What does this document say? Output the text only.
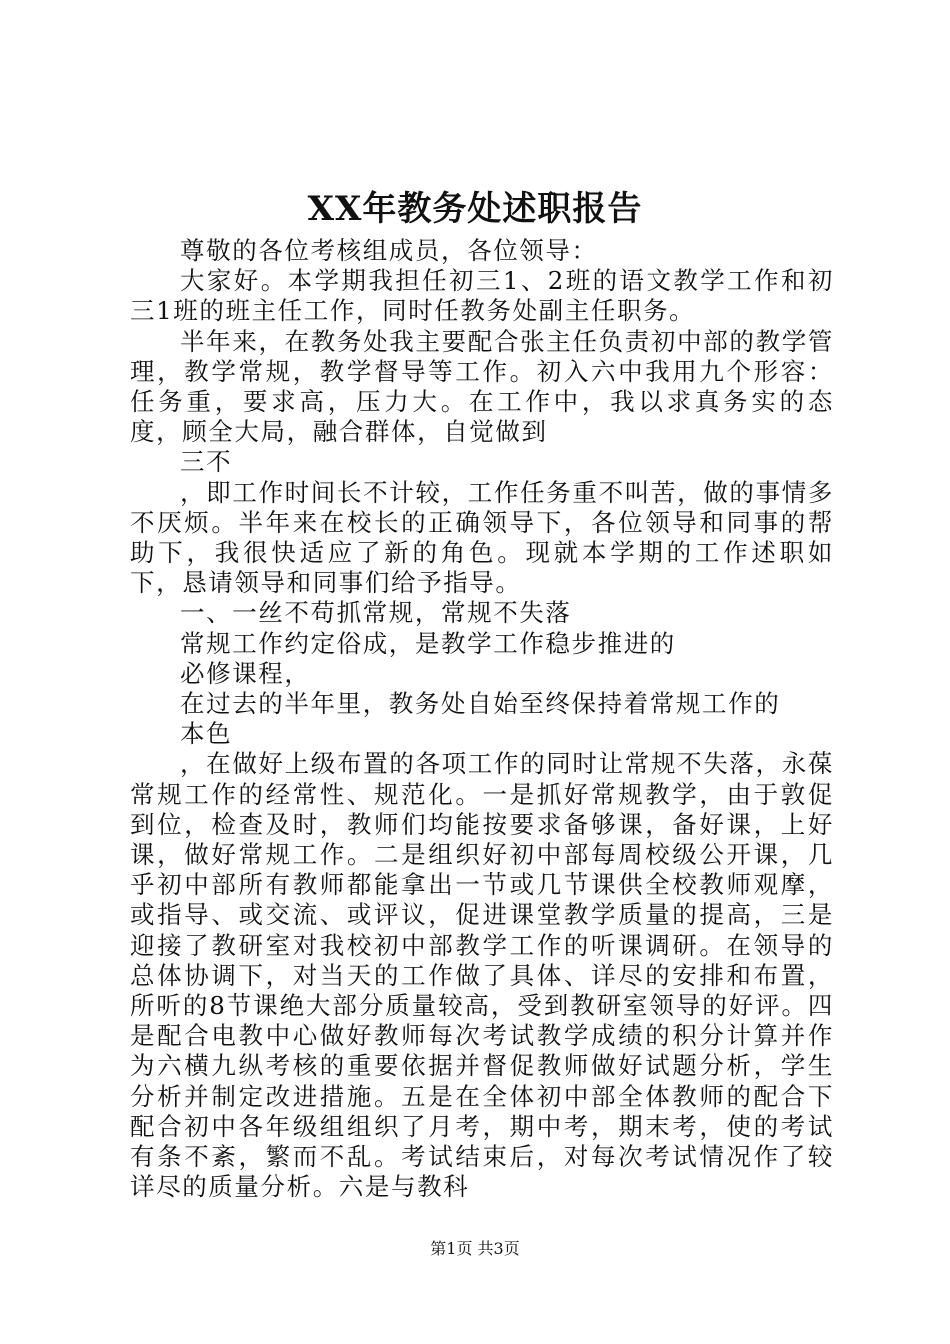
XX年教务处述职报告

尊敬的各位考核组成员，各位领导：

大家好。本学期我担任初三1、2班的语文教学工作和初三1班的班主任工作，同时任教务处副主任职务。

半年来，在教务处我主要配合张主任负责初中部的教学管理，教学常规，教学督导等工作。初入六中我用九个形容：任务重，要求高，压力大。在工作中，我以求真务实的态度，顾全大局，融合群体，自觉做到

三不

，即工作时间长不计较，工作任务重不叫苦，做的事情多不厌烦。半年来在校长的正确领导下，各位领导和同事的帮助下，我很快适应了新的角色。现就本学期的工作述职如下，恳请领导和同事们给予指导。

一、一丝不苟抓常规，常规不失落

常规工作约定俗成，是教学工作稳步推进的

必修课程，

在过去的半年里，教务处自始至终保持着常规工作的

本色

，在做好上级布置的各项工作的同时让常规不失落，永葆常规工作的经常性、规范化。一是抓好常规教学，由于敦促到位，检查及时，教师们均能按要求备够课，备好课，上好课，做好常规工作。二是组织好初中部每周校级公开课，几乎初中部所有教师都能拿出一节或几节课供全校教师观摩，或指导、或交流、或评议，促进课堂教学质量的提高，三是迎接了教研室对我校初中部教学工作的听课调研。在领导的总体协调下，对当天的工作做了具体、详尽的安排和布置，所听的8节课绝大部分质量较高，受到教研室领导的好评。四是配合电教中心做好教师每次考试教学成绩的积分计算并作为六横九纵考核的重要依据并督促教师做好试题分析，学生分析并制定改进措施。五是在全体初中部全体教师的配合下配合初中各年级组组织了月考，期中考，期末考，使的考试有条不紊，繁而不乱。考试结束后，对每次考试情况作了较详尽的质量分析。六是与教科

第1页 共3页
